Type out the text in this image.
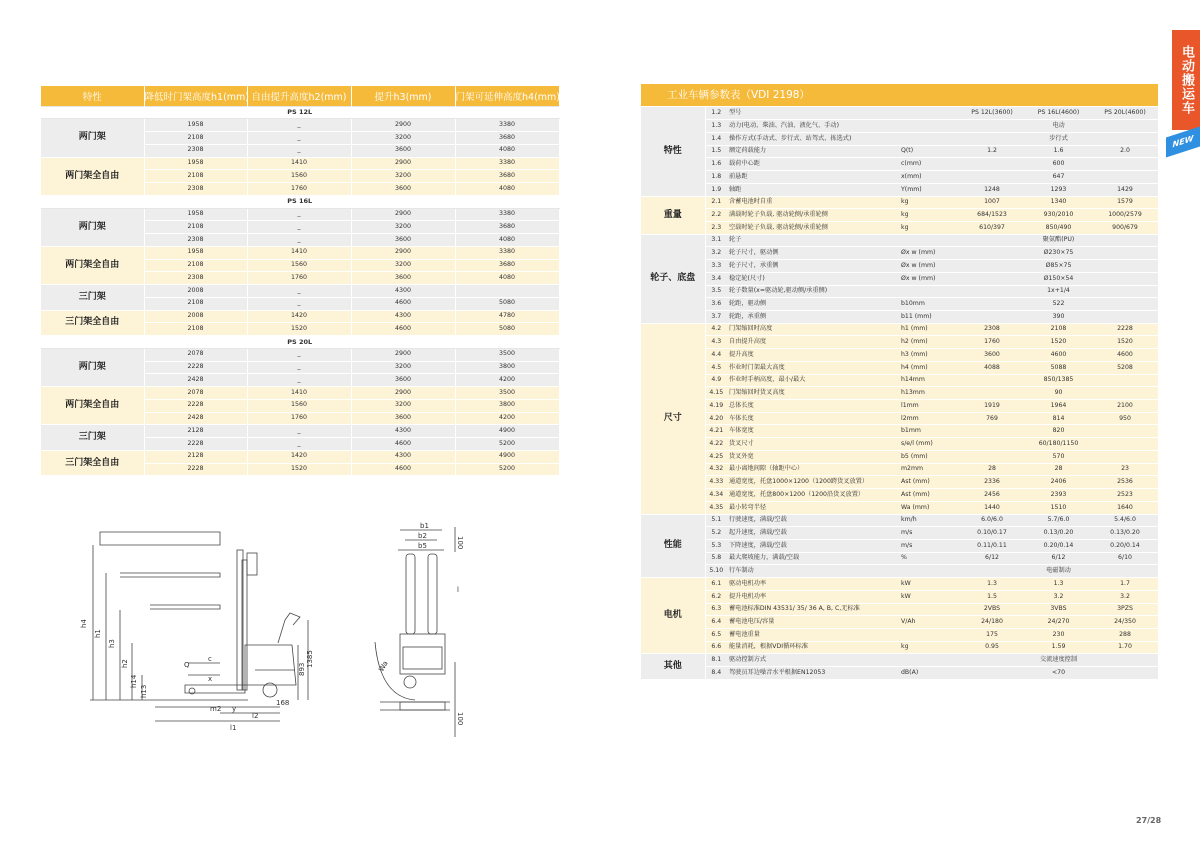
特性	降低时门架高度h1(mm)	自由提升高度h2(mm)	提升h3(mm)	门架可延伸高度h4(mm)
PS 12L				
两门架	1958	_	2900	3380
	2108	_	3200	3680
	2308	_	3600	4080
两门架全自由	1958	1410	2900	3380
	2108	1560	3200	3680
	2308	1760	3600	4080
PS 16L				
两门架	1958	_	2900	3380
	2108	_	3200	3680
	2308	_	3600	4080
两门架全自由	1958	1410	2900	3380
	2108	1560	3200	3680
	2308	1760	3600	4080
三门架	2008	_	4300	
	2108	_	4600	5080
三门架全自由	2008	1420	4300	4780
	2108	1520	4600	5080
PS 20L				
两门架	2078	_	2900	3500
	2228	_	3200	3800
	2428	_	3600	4200
两门架全自由	2078	1410	2900	3500
	2228	1560	3200	3800
	2428	1760	3600	4200
三门架	2128	_	4300	4900
	2228	_	4600	5200
三门架全自由	2128	1420	4300	4900
	2228	1520	4600	5200
工业车辆参数表（VDI 2198）
特性	1.2	型号		PS 12L(3600)	PS 16L(4600)	PS 20L(4600)
	1.3	动力(电动、柴油、汽油、液化气、手动)		电动		
	1.4	操作方式(手动式、步行式、站驾式、拣选式)		步行式		
	1.5	额定荷载能力	Q(t)	1.2	1.6	2.0
	1.6	载荷中心距	c(mm)	600		
	1.8	前悬距	x(mm)	647		
	1.9	轴距	Y(mm)	1248	1293	1429
重量	2.1	含蓄电池时自重	kg	1007	1340	1579
	2.2	满载时轮子负载, 驱动轮侧/承重轮侧	kg	684/1523	930/2010	1000/2579
	2.3	空载时轮子负载, 驱动轮侧/承重轮侧	kg	610/397	850/490	900/679
轮子、底盘	3.1	轮子		聚氨酯(PU)		
	3.2	轮子尺寸，驱动侧	Øx w (mm)	Ø230×75		
	3.3	轮子尺寸，承重侧	Øx w (mm)	Ø85×75		
	3.4	稳定轮(尺寸)	Øx w (mm)	Ø150×54		
	3.5	轮子数量(x=驱动轮,驱动侧/承重侧)		1x+1/4		
	3.6	轮距，驱动侧	b10mm	522		
	3.7	轮距，承重侧	b11 (mm)	390		
尺寸	4.2	门架缩回时高度	h1 (mm)	2308	2108	2228
	4.3	自由提升高度	h2 (mm)	1760	1520	1520
	4.4	提升高度	h3 (mm)	3600	4600	4600
	4.5	作业时门架最大高度	h4 (mm)	4088	5088	5208
	4.9	作业时手柄高度，最小/最大	h14mm	850/1385		
	4.15	门架缩回时货叉高度	h13mm	90		
	4.19	总体长度	l1mm	1919	1964	2100
	4.20	车体长度	l2mm	769	814	950
	4.21	车体宽度	b1mm	820		
	4.22	货叉尺寸	s/e/l (mm)	60/180/1150		
	4.25	货叉外宽	b5 (mm)	570		
	4.32	最小离地间隙（轴距中心）	m2mm	28	28	23
	4.33	通道宽度，托盘1000×1200（1200跨货叉放置）	Ast (mm)	2336	2406	2536
	4.34	通道宽度，托盘800×1200（1200沿货叉放置）	Ast (mm)	2456	2393	2523
	4.35	最小转弯半径	Wa (mm)	1440	1510	1640
性能	5.1	行驶速度，满载/空载	km/h	6.0/6.0	5.7/6.0	5.4/6.0
	5.2	起升速度，满载/空载	m/s	0.10/0.17	0.13/0.20	0.13/0.20
	5.3	下降速度，满载/空载	m/s	0.11/0.11	0.20/0.14	0.20/0.14
	5.8	最大爬坡能力，满载/空载	%	6/12	6/12	6/10
	5.10	行车制动		电磁制动		
电机	6.1	驱动电机功率	kW	1.3	1.3	1.7
	6.2	提升电机功率	kW	1.5	3.2	3.2
	6.3	蓄电池标准DIN 43531/ 35/ 36 A, B, C,无标准		2VBS	3VBS	3PZS
	6.4	蓄电池电压/容量	V/Ah	24/180	24/270	24/350
	6.5	蓄电池重量		175	230	288
	6.6	能量消耗，根据VDI循环标准	kg	0.95	1.59	1.70
其他	8.1	驱动控制方式		交流速度控制		
	8.4	驾驶员耳边噪音水平根据EN12053	dB(A)	<70		
电动搬运车
NEW
27/28
h4
h1
h3
h2
h14
h13
Q
c
x
m2 y
l2
l1
168
893
1385
b1
b2
b5	100
100
Wa
l
